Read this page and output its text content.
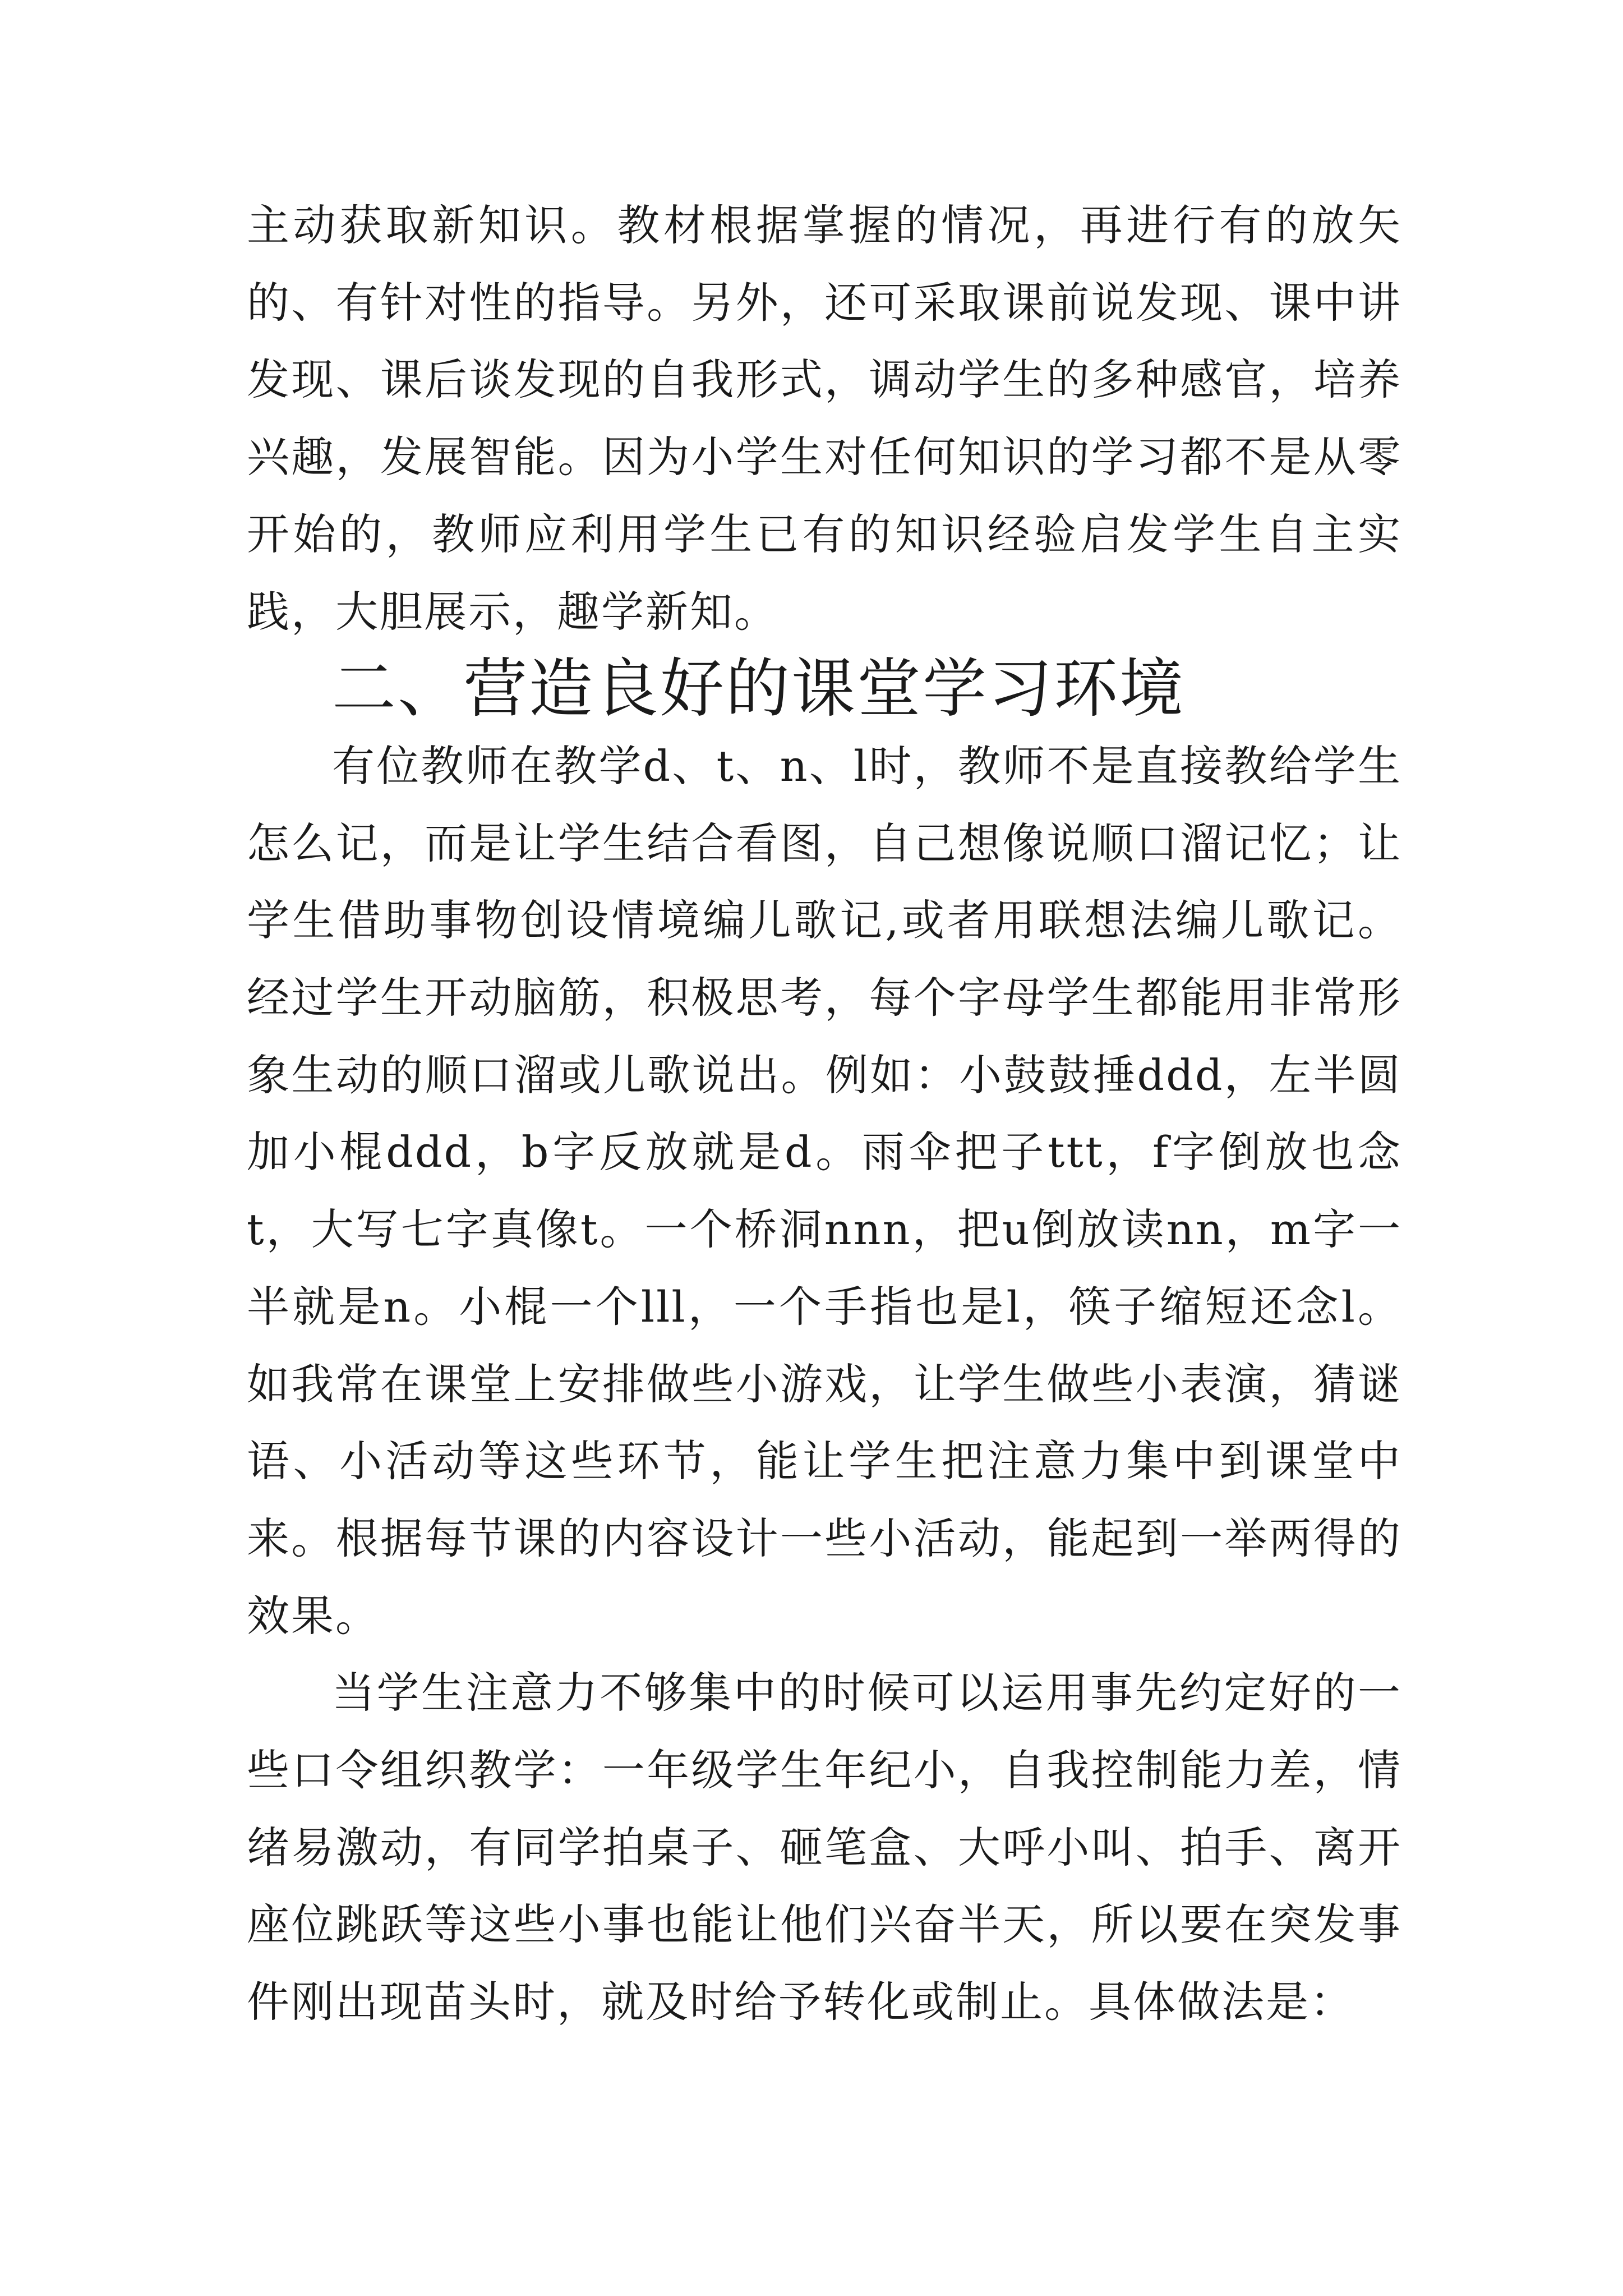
主动获取新知识。教材根据掌握的情况，再进行有的放矢的、有针对性的指导。另外，还可采取课前说发现、课中讲发现、课后谈发现的自我形式，调动学生的多种感官，培养兴趣，发展智能。因为小学生对任何知识的学习都不是从零开始的，教师应利用学生已有的知识经验启发学生自主实践，大胆展示，趣学新知。

二、营造良好的课堂学习环境

有位教师在教学d、t、n、l时，教师不是直接教给学生怎么记，而是让学生结合看图，自己想像说顺口溜记忆；让学生借助事物创设情境编儿歌记,或者用联想法编儿歌记。经过学生开动脑筋，积极思考，每个字母学生都能用非常形象生动的顺口溜或儿歌说出。例如：小鼓鼓捶ddd，左半圆加小棍ddd，b字反放就是d。雨伞把子ttt，f字倒放也念t，大写七字真像t。一个桥洞nnn，把u倒放读nn，m字一半就是n。小棍一个lll，一个手指也是l，筷子缩短还念l。如我常在课堂上安排做些小游戏，让学生做些小表演，猜谜语、小活动等这些环节，能让学生把注意力集中到课堂中来。根据每节课的内容设计一些小活动，能起到一举两得的效果。

当学生注意力不够集中的时候可以运用事先约定好的一些口令组织教学：一年级学生年纪小，自我控制能力差，情绪易激动，有同学拍桌子、砸笔盒、大呼小叫、拍手、离开座位跳跃等这些小事也能让他们兴奋半天，所以要在突发事件刚出现苗头时，就及时给予转化或制止。具体做法是：
